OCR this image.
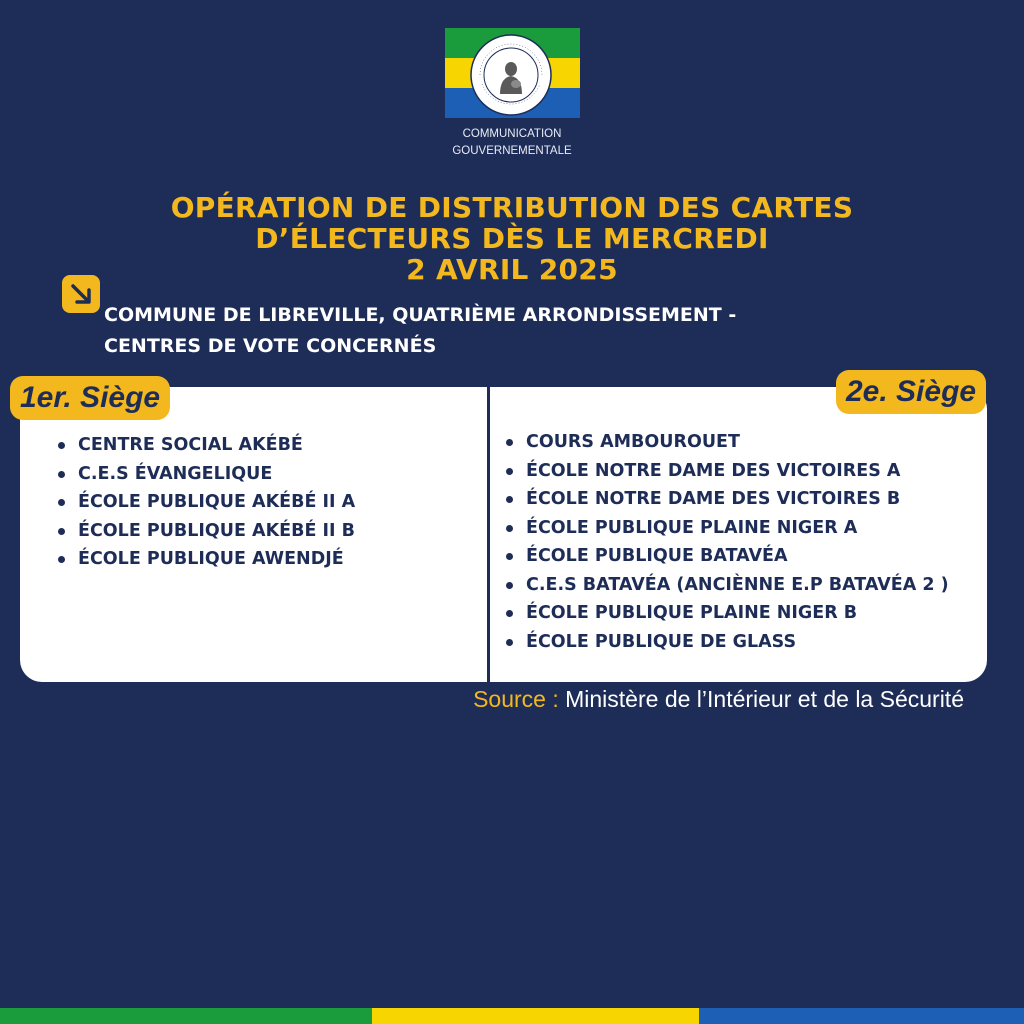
COMMUNICATION
GOUVERNEMENTALE
OPÉRATION DE DISTRIBUTION DES CARTES
D’ÉLECTEURS DÈS LE MERCREDI
2 AVRIL 2025
COMMUNE DE LIBREVILLE, QUATRIÈME ARRONDISSEMENT -
CENTRES DE VOTE CONCERNÉS
1er. Siège	2e. Siège
CENTRE SOCIAL AKÉBÉ
C.E.S ÉVANGELIQUE
ÉCOLE PUBLIQUE AKÉBÉ II A
ÉCOLE PUBLIQUE AKÉBÉ II B
ÉCOLE PUBLIQUE AWENDJÉ
COURS AMBOUROUET
ÉCOLE NOTRE DAME DES VICTOIRES A
ÉCOLE NOTRE DAME DES VICTOIRES B
ÉCOLE PUBLIQUE PLAINE NIGER A
ÉCOLE PUBLIQUE BATAVÉA
C.E.S BATAVÉA (ANCIÈNNE E.P BATAVÉA 2 )
ÉCOLE PUBLIQUE PLAINE NIGER B
ÉCOLE PUBLIQUE DE GLASS
Source : Ministère de l’Intérieur et de la Sécurité
